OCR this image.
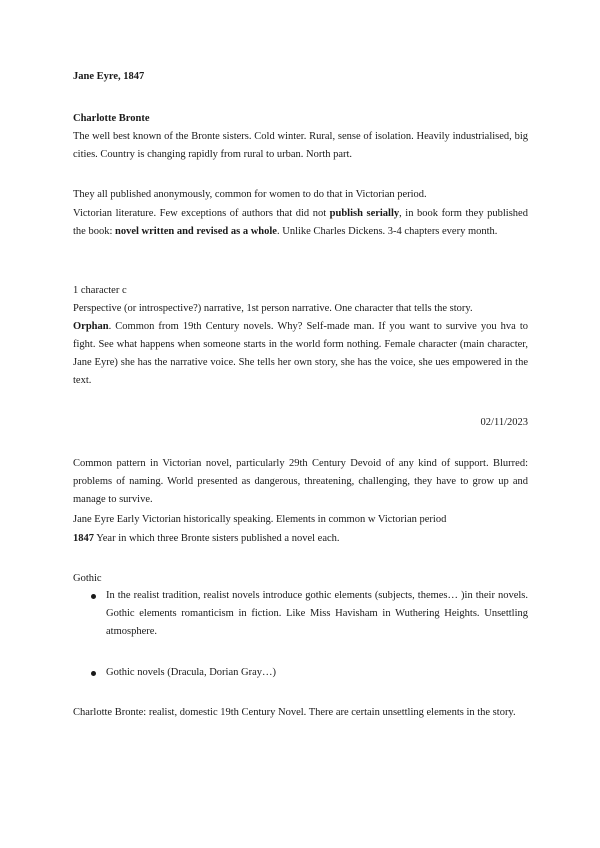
Jane Eyre, 1847

Charlotte Bronte

The well best known of the Bronte sisters. Cold winter. Rural, sense of isolation. Heavily industrialised, big cities. Country is changing rapidly from rural to urban. North part.

They all published anonymously, common for women to do that in Victorian period.

Victorian literature. Few exceptions of authors that did not publish serially, in book form they published the book: novel written and revised as a whole. Unlike Charles Dickens. 3-4 chapters every month.

1 character c

Perspective (or introspective?) narrative, 1st person narrative. One character that tells the story.

Orphan. Common from 19th Century novels. Why? Self-made man. If you want to survive you hva to fight. See what happens when someone starts in the world form nothing. Female character (main character, Jane Eyre) she has the narrative voice. She tells her own story, she has the voice, she ues empowered in the text.

02/11/2023

Common pattern in Victorian novel, particularly 29th Century Devoid of any kind of support. Blurred: problems of naming. World presented as dangerous, threatening, challenging, they have to grow up and manage to survive.

Jane Eyre Early Victorian historically speaking. Elements in common w Victorian period

1847 Year in which three Bronte sisters published a novel each.

Gothic

In the realist tradition, realist novels introduce gothic elements (subjects, themes… )in their novels. Gothic elements romanticism in fiction. Like Miss Havisham in Wuthering Heights. Unsettling atmosphere.
Gothic novels (Dracula, Dorian Gray…)

Charlotte Bronte: realist, domestic 19th Century Novel. There are certain unsettling elements in the story.
